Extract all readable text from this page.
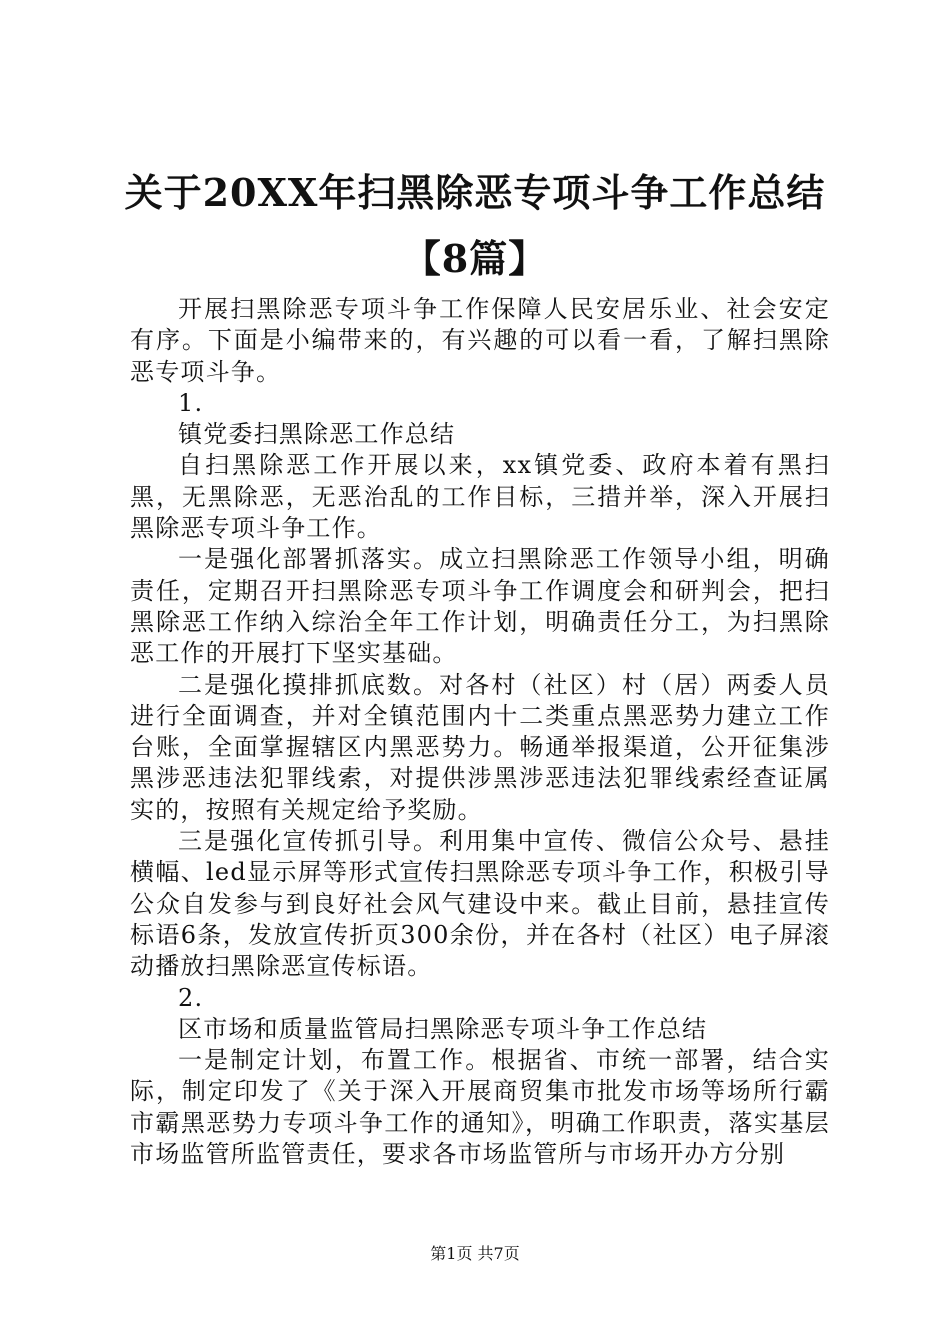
关于20XX年扫黑除恶专项斗争工作总结【8篇】

开展扫黑除恶专项斗争工作保障人民安居乐业、社会安定有序。下面是小编带来的，有兴趣的可以看一看，了解扫黑除恶专项斗争。

1.

镇党委扫黑除恶工作总结

自扫黑除恶工作开展以来，xx镇党委、政府本着有黑扫黑，无黑除恶，无恶治乱的工作目标，三措并举，深入开展扫黑除恶专项斗争工作。

一是强化部署抓落实。成立扫黑除恶工作领导小组，明确责任，定期召开扫黑除恶专项斗争工作调度会和研判会，把扫黑除恶工作纳入综治全年工作计划，明确责任分工，为扫黑除恶工作的开展打下坚实基础。

二是强化摸排抓底数。对各村（社区）村（居）两委人员进行全面调查，并对全镇范围内十二类重点黑恶势力建立工作台账，全面掌握辖区内黑恶势力。畅通举报渠道，公开征集涉黑涉恶违法犯罪线索，对提供涉黑涉恶违法犯罪线索经查证属实的，按照有关规定给予奖励。

三是强化宣传抓引导。利用集中宣传、微信公众号、悬挂横幅、led显示屏等形式宣传扫黑除恶专项斗争工作，积极引导公众自发参与到良好社会风气建设中来。截止目前，悬挂宣传标语6条，发放宣传折页300余份，并在各村（社区）电子屏滚动播放扫黑除恶宣传标语。

2.

区市场和质量监管局扫黑除恶专项斗争工作总结

一是制定计划，布置工作。根据省、市统一部署，结合实际，制定印发了《关于深入开展商贸集市批发市场等场所行霸市霸黑恶势力专项斗争工作的通知》，明确工作职责，落实基层市场监管所监管责任，要求各市场监管所与市场开办方分别

第1页 共7页
